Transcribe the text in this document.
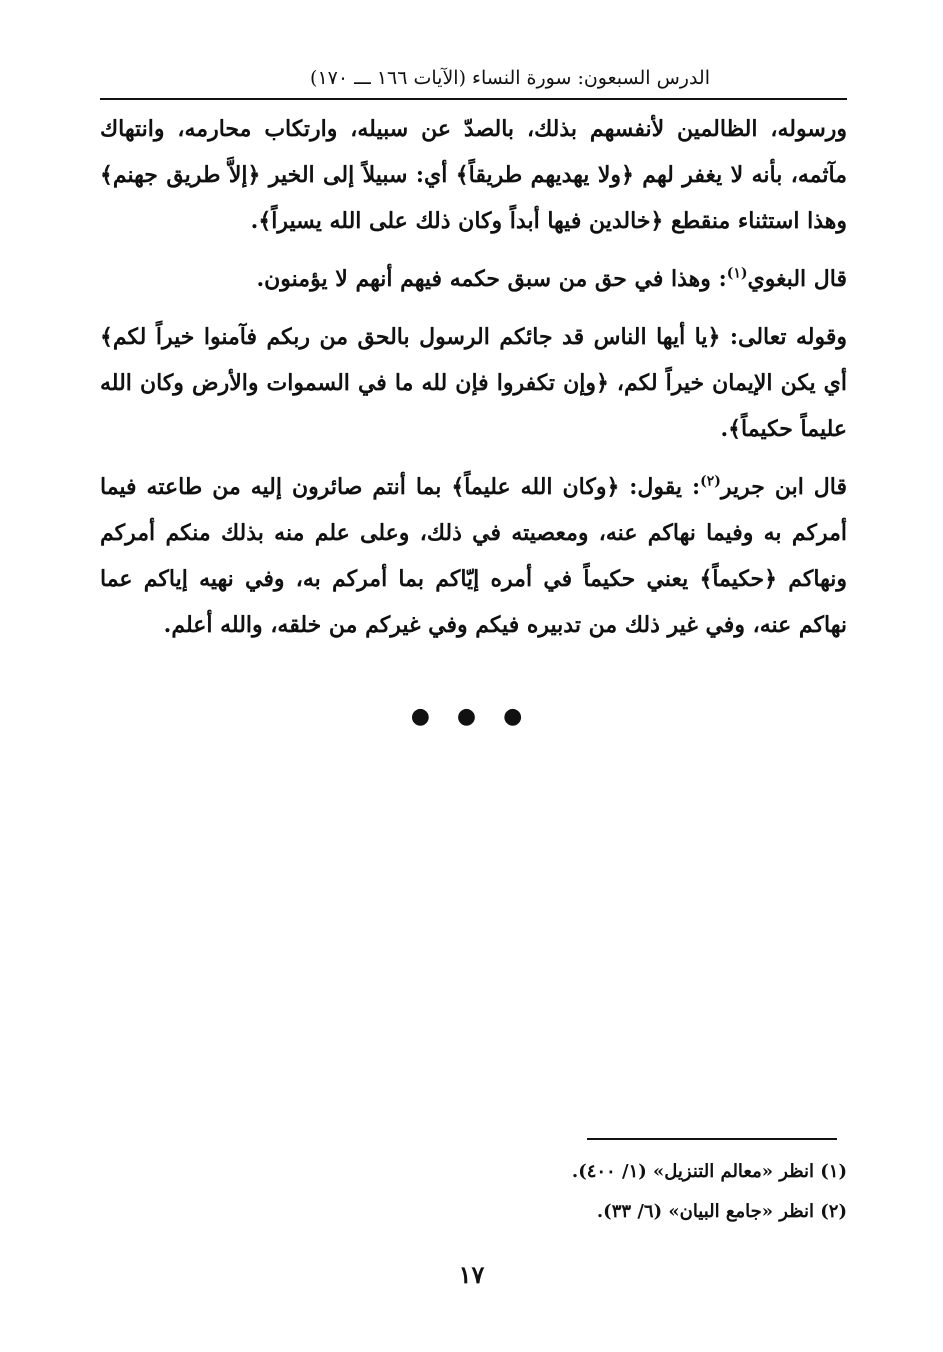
الدرس السبعون: سورة النساء (الآيات ١٦٦ ـــ ١٧٠)

ورسوله، الظالمين لأنفسهم بذلك، بالصدّ عن سبيله، وارتكاب محارمه، وانتهاك مآثمه، بأنه لا يغفر لهم ﴿ولا يهديهم طريقاً﴾ أي: سبيلاً إلى الخير ﴿إلاَّ طريق جهنم﴾ وهذا استثناء منقطع ﴿خالدين فيها أبداً وكان ذلك على الله يسيراً﴾.

قال البغوي$^{(١)}$: وهذا في حق من سبق حكمه فيهم أنهم لا يؤمنون.

وقوله تعالى: ﴿يا أيها الناس قد جائكم الرسول بالحق من ربكم فآمنوا خيراً لكم﴾ أي يكن الإيمان خيراً لكم، ﴿وإن تكفروا فإن لله ما في السموات والأرض وكان الله عليماً حكيماً﴾.

قال ابن جرير$^{(٢)}$: يقول: ﴿وكان الله عليماً﴾ بما أنتم صائرون إليه من طاعته فيما أمركم به وفيما نهاكم عنه، ومعصيته في ذلك، وعلى علم منه بذلك منكم أمركم ونهاكم ﴿حكيماً﴾ يعني حكيماً في أمره إيّاكم بما أمركم به، وفي نهيه إياكم عما نهاكم عنه، وفي غير ذلك من تدبيره فيكم وفي غيركم من خلقه، والله أعلم.

● ● ●
(١) انظر «معالم التنزيل» (١/ ٤٠٠).
(٢) انظر «جامع البيان» (٦/ ٣٣).
١٧
